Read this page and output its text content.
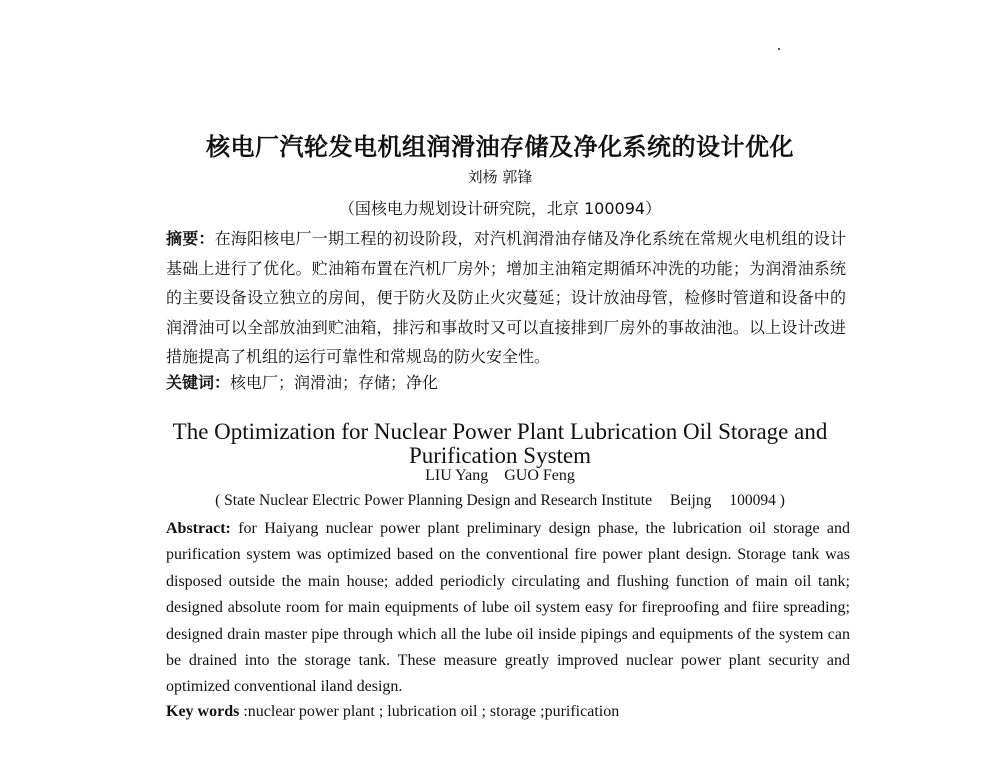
核电厂汽轮发电机组润滑油存储及净化系统的设计优化
刘杨 郭锋
（国核电力规划设计研究院，北京 100094）

摘要：在海阳核电厂一期工程的初设阶段，对汽机润滑油存储及净化系统在常规火电机组的设计基础上进行了优化。贮油箱布置在汽机厂房外；增加主油箱定期循环冲洗的功能；为润滑油系统的主要设备设立独立的房间，便于防火及防止火灾蔓延；设计放油母管，检修时管道和设备中的润滑油可以全部放油到贮油箱，排污和事故时又可以直接排到厂房外的事故油池。以上设计改进措施提高了机组的运行可靠性和常规岛的防火安全性。

关键词：核电厂；润滑油；存储；净化

The Optimization for Nuclear Power Plant Lubrication Oil Storage and Purification System
LIU Yang GUO Feng
( State Nuclear Electric Power Planning Design and Research Institute Beijng 100094 )

Abstract: for Haiyang nuclear power plant preliminary design phase, the lubrication oil storage and purification system was optimized based on the conventional fire power plant design. Storage tank was disposed outside the main house; added periodicly circulating and flushing function of main oil tank; designed absolute room for main equipments of lube oil system easy for fireproofing and fiire spreading; designed drain master pipe through which all the lube oil inside pipings and equipments of the system can be drained into the storage tank. These measure greatly improved nuclear power plant security and optimized conventional iland design.

Key words :nuclear power plant ; lubrication oil ; storage ;purification
